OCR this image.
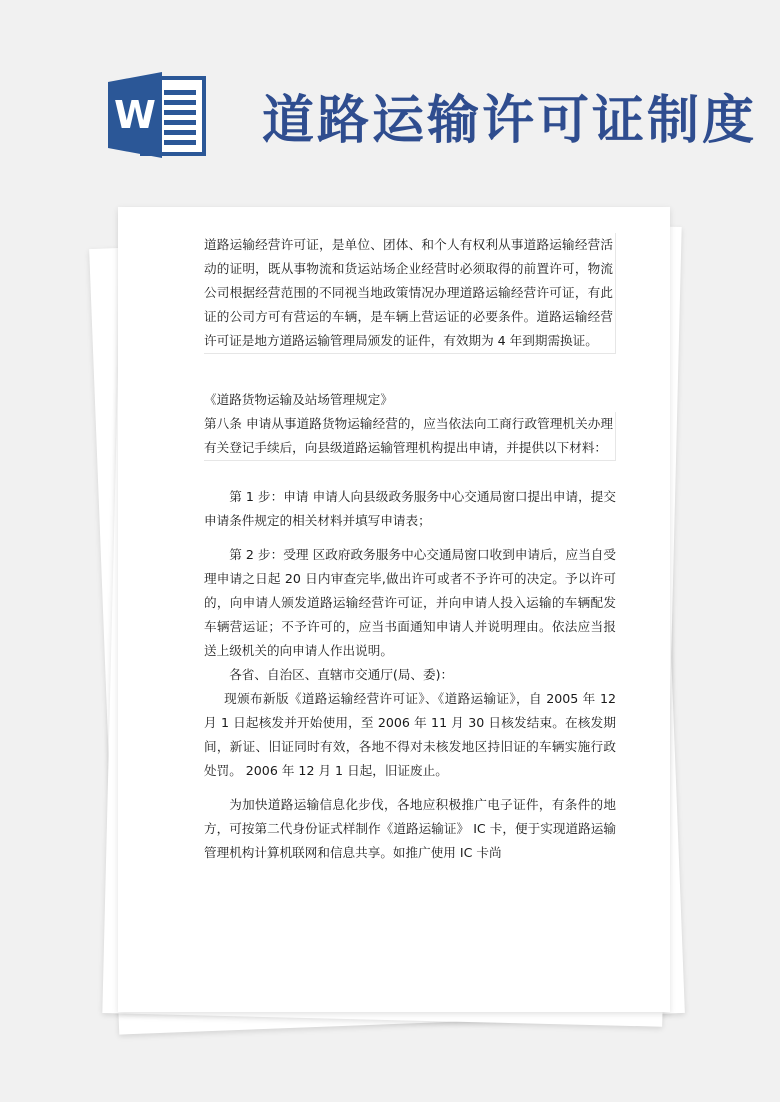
W 道路运输许可证制度

道路运输经营许可证，是单位、团体、和个人有权利从事道路运输经营活动的证明，既从事物流和货运站场企业经营时必须取得的前置许可，物流公司根据经营范围的不同视当地政策情况办理道路运输经营许可证，有此证的公司方可有营运的车辆，是车辆上营运证的必要条件。道路运输经营许可证是地方道路运输管理局颁发的证件，有效期为 4 年到期需换证。

《道路货物运输及站场管理规定》

第八条 申请从事道路货物运输经营的，应当依法向工商行政管理机关办理有关登记手续后，向县级道路运输管理机构提出申请，并提供以下材料：

第 1 步：申请 申请人向县级政务服务中心交通局窗口提出申请，提交申请条件规定的相关材料并填写申请表；

第 2 步：受理 区政府政务服务中心交通局窗口收到申请后，应当自受理申请之日起 20 日内审查完毕,做出许可或者不予许可的决定。予以许可的，向申请人颁发道路运输经营许可证，并向申请人投入运输的车辆配发车辆营运证；不予许可的，应当书面通知申请人并说明理由。依法应当报送上级机关的向申请人作出说明。

各省、自治区、直辖市交通厅(局、委)：

现颁布新版《道路运输经营许可证》、《道路运输证》，自 2005 年 12 月 1 日起核发并开始使用，至 2006 年 11 月 30 日核发结束。在核发期间，新证、旧证同时有效，各地不得对未核发地区持旧证的车辆实施行政处罚。 2006 年 12 月 1 日起，旧证废止。

为加快道路运输信息化步伐，各地应积极推广电子证件，有条件的地方，可按第二代身份证式样制作《道路运输证》 IC 卡，便于实现道路运输管理机构计算机联网和信息共享。如推广使用 IC 卡尚
